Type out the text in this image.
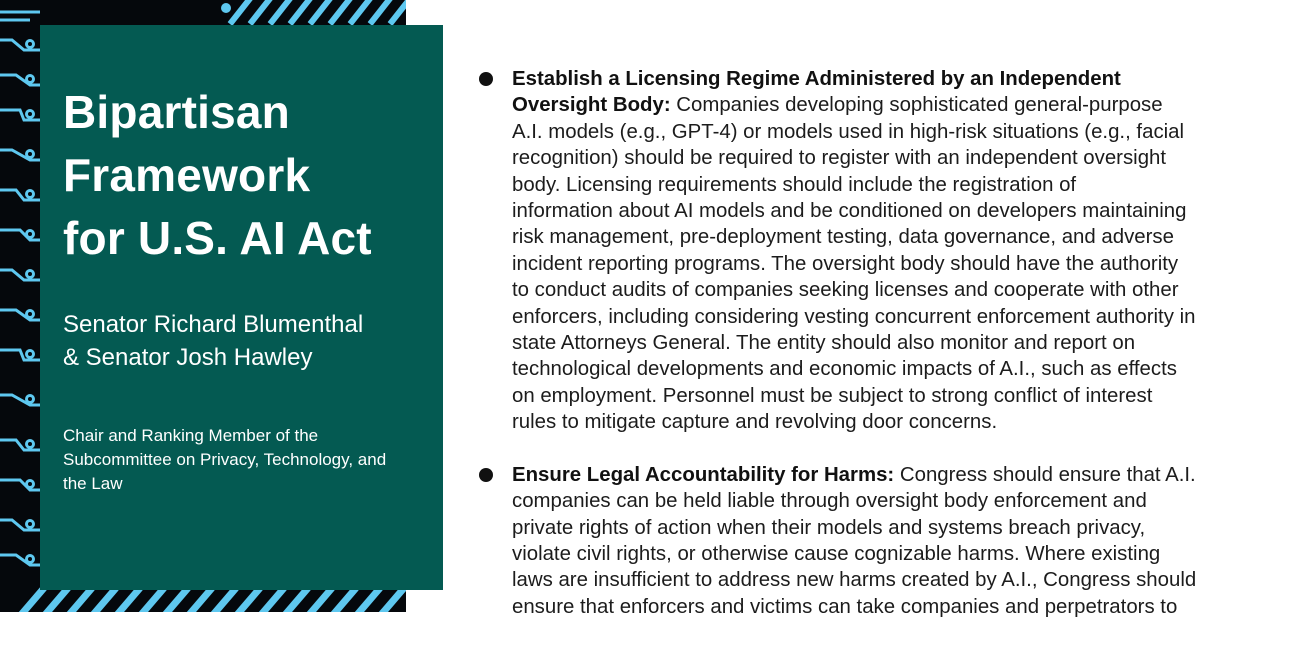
Bipartisan
Framework
for U.S. AI Act
Senator Richard Blumenthal
& Senator Josh Hawley
Chair and Ranking Member of the Subcommittee on Privacy, Technology, and the Law
Establish a Licensing Regime Administered by an Independent
Oversight Body: Companies developing sophisticated general-purpose
A.I. models (e.g., GPT-4) or models used in high-risk situations (e.g., facial
recognition) should be required to register with an independent oversight
body. Licensing requirements should include the registration of
information about AI models and be conditioned on developers maintaining
risk management, pre-deployment testing, data governance, and adverse
incident reporting programs. The oversight body should have the authority
to conduct audits of companies seeking licenses and cooperate with other
enforcers, including considering vesting concurrent enforcement authority in
state Attorneys General. The entity should also monitor and report on
technological developments and economic impacts of A.I., such as effects
on employment. Personnel must be subject to strong conflict of interest
rules to mitigate capture and revolving door concerns.
Ensure Legal Accountability for Harms: Congress should ensure that A.I.
companies can be held liable through oversight body enforcement and
private rights of action when their models and systems breach privacy,
violate civil rights, or otherwise cause cognizable harms. Where existing
laws are insufficient to address new harms created by A.I., Congress should
ensure that enforcers and victims can take companies and perpetrators to
